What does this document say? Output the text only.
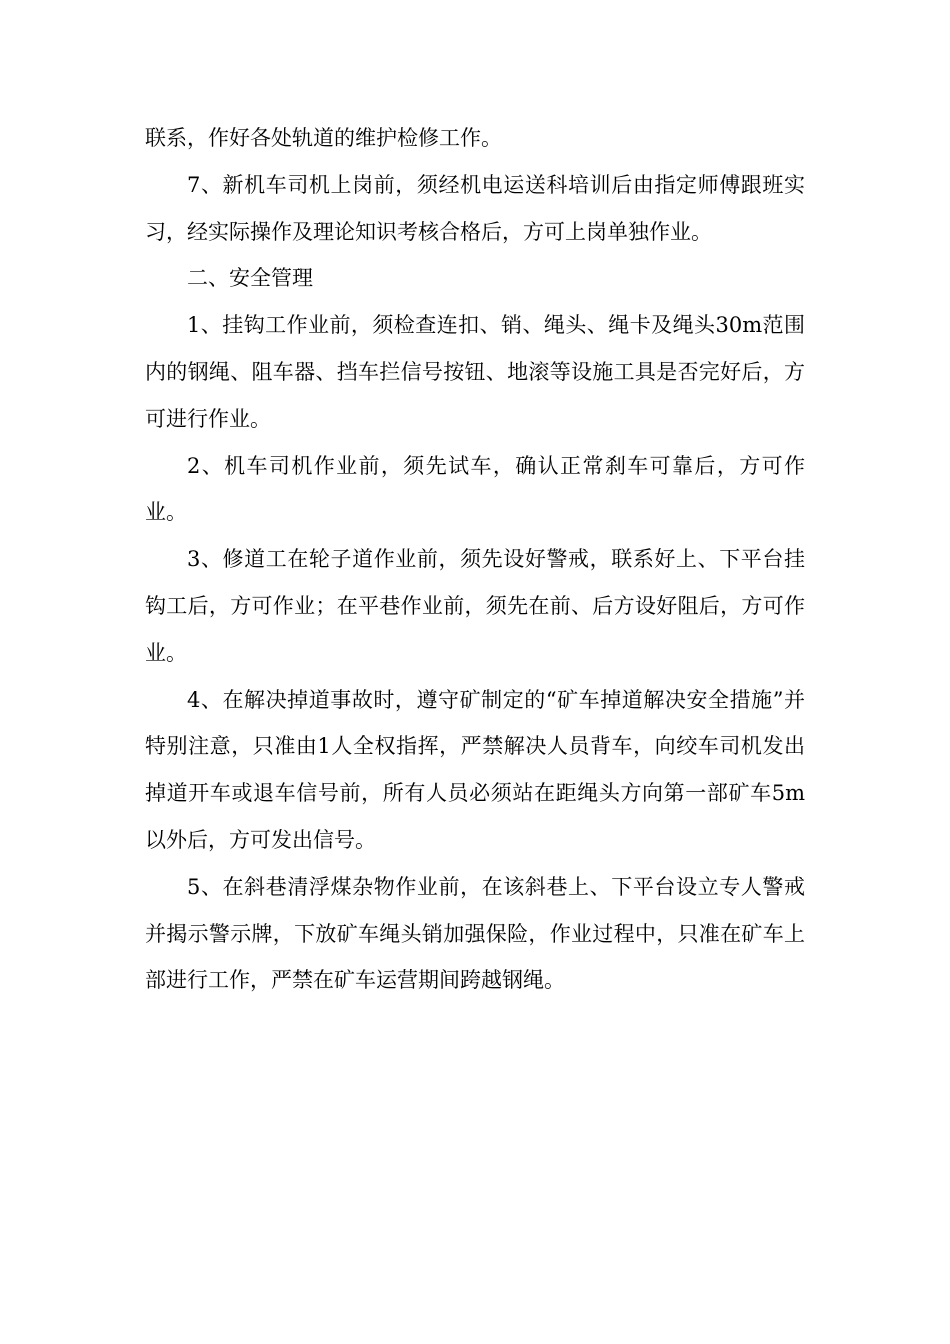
联系，作好各处轨道的维护检修工作。

7、新机车司机上岗前，须经机电运送科培训后由指定师傅跟班实习，经实际操作及理论知识考核合格后，方可上岗单独作业。

二、安全管理

1、挂钩工作业前，须检查连扣、销、绳头、绳卡及绳头30m范围内的钢绳、阻车器、挡车拦信号按钮、地滚等设施工具是否完好后，方可进行作业。

2、机车司机作业前，须先试车，确认正常刹车可靠后，方可作业。

3、修道工在轮子道作业前，须先设好警戒，联系好上、下平台挂钩工后，方可作业；在平巷作业前，须先在前、后方设好阻后，方可作业。

4、在解决掉道事故时，遵守矿制定的“矿车掉道解决安全措施”并特别注意，只准由1人全权指挥，严禁解决人员背车，向绞车司机发出掉道开车或退车信号前，所有人员必须站在距绳头方向第一部矿车5m以外后，方可发出信号。

5、在斜巷清浮煤杂物作业前，在该斜巷上、下平台设立专人警戒并揭示警示牌，下放矿车绳头销加强保险，作业过程中，只准在矿车上部进行工作，严禁在矿车运营期间跨越钢绳。
